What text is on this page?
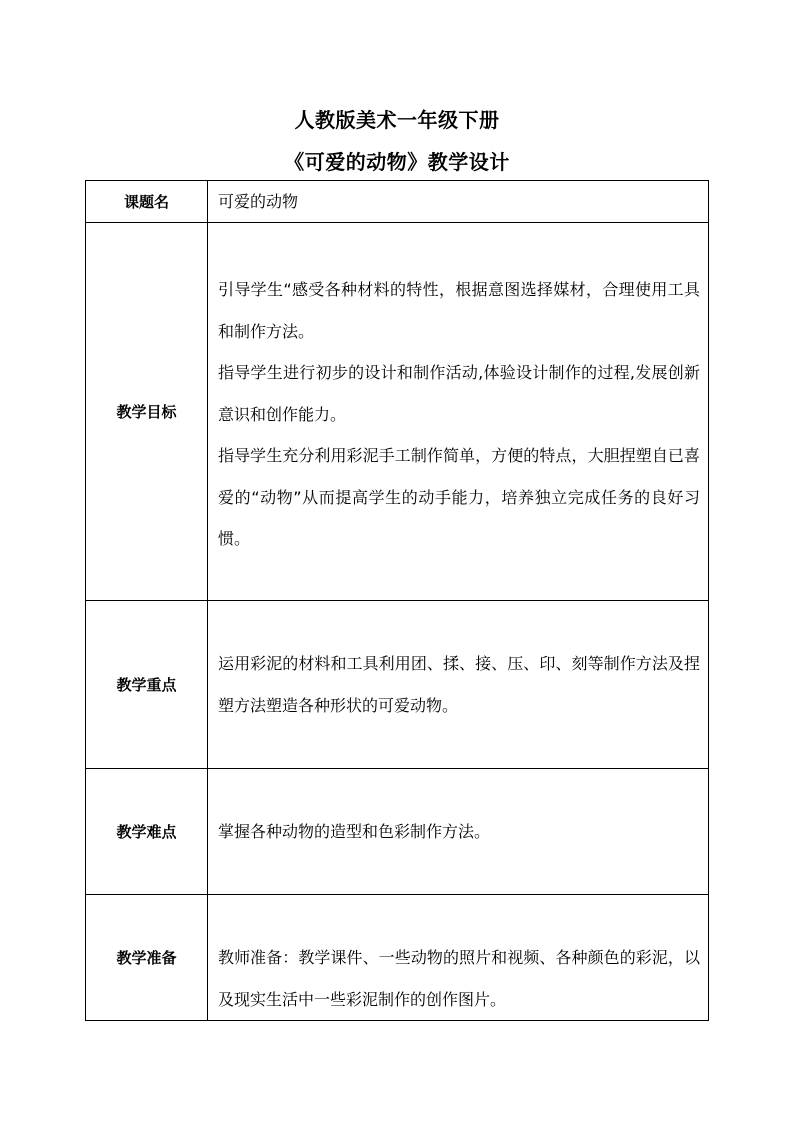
人教版美术一年级下册
《可爱的动物》教学设计
课题名	可爱的动物

教学目标	引导学生“感受各种材料的特性，根据意图选择媒材，合理使用工具和制作方法。
指导学生进行初步的设计和制作活动,体验设计制作的过程,发展创新意识和创作能力。
指导学生充分利用彩泥手工制作简单，方便的特点，大胆捏塑自已喜爱的“动物”从而提高学生的动手能力，培养独立完成任务的良好习惯。

教学重点	运用彩泥的材料和工具利用团、揉、接、压、印、刻等制作方法及捏塑方法塑造各种形状的可爱动物。

教学难点	掌握各种动物的造型和色彩制作方法。

教学准备	教师准备：教学课件、一些动物的照片和视频、各种颜色的彩泥，以及现实生活中一些彩泥制作的创作图片。
